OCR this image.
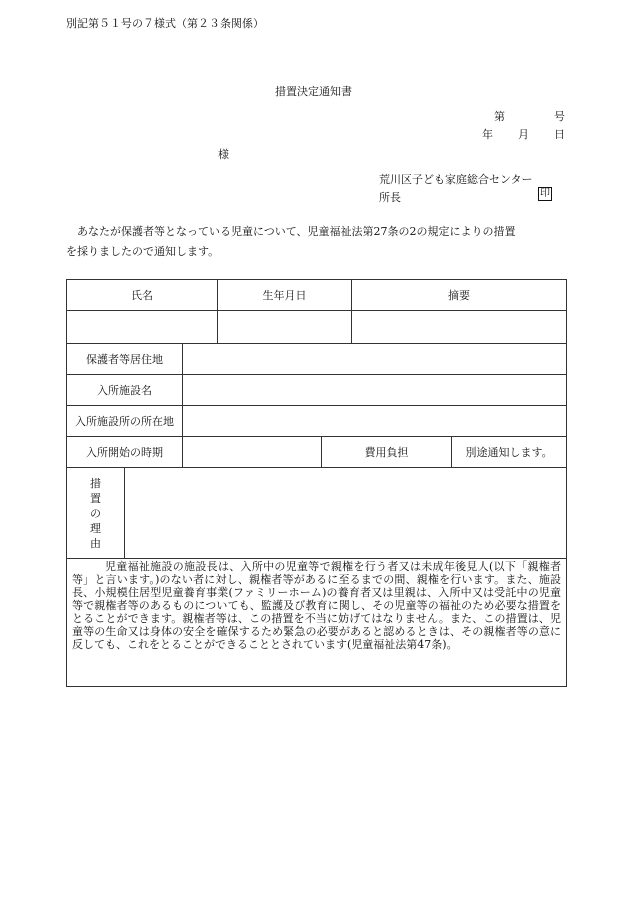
別記第５１号の７様式（第２３条関係）
措置決定通知書
第	号
年 月 日
様
荒川区子ども家庭総合センター
所長	印
あなたが保護者等となっている児童について、児童福祉法第27条の2の規定によりの措置を採りましたので通知します。
氏名			生年月日		摘要	

保護者等居住地						
入所施設名						
入所施設所の所在地						
入所開始の時期				費用負担		別途通知します。

措
置
の
理
由						

児童福祉施設の施設長は、入所中の児童等で親権を行う者又は未成年後見人(以下「親権者等」と言います。)のない者に対し、親権者等があるに至るまでの間、親権を行います。また、施設長、小規模住居型児童養育事業(ファミリーホーム)の養育者又は里親は、入所中又は受託中の児童等で親権者等のあるものについても、監護及び教育に関し、その児童等の福祉のため必要な措置をとることができます。親権者等は、この措置を不当に妨げてはなりません。また、この措置は、児童等の生命又は身体の安全を確保するため緊急の必要があると認めるときは、その親権者等の意に反しても、これをとることができることとされています(児童福祉法第47条)。						
